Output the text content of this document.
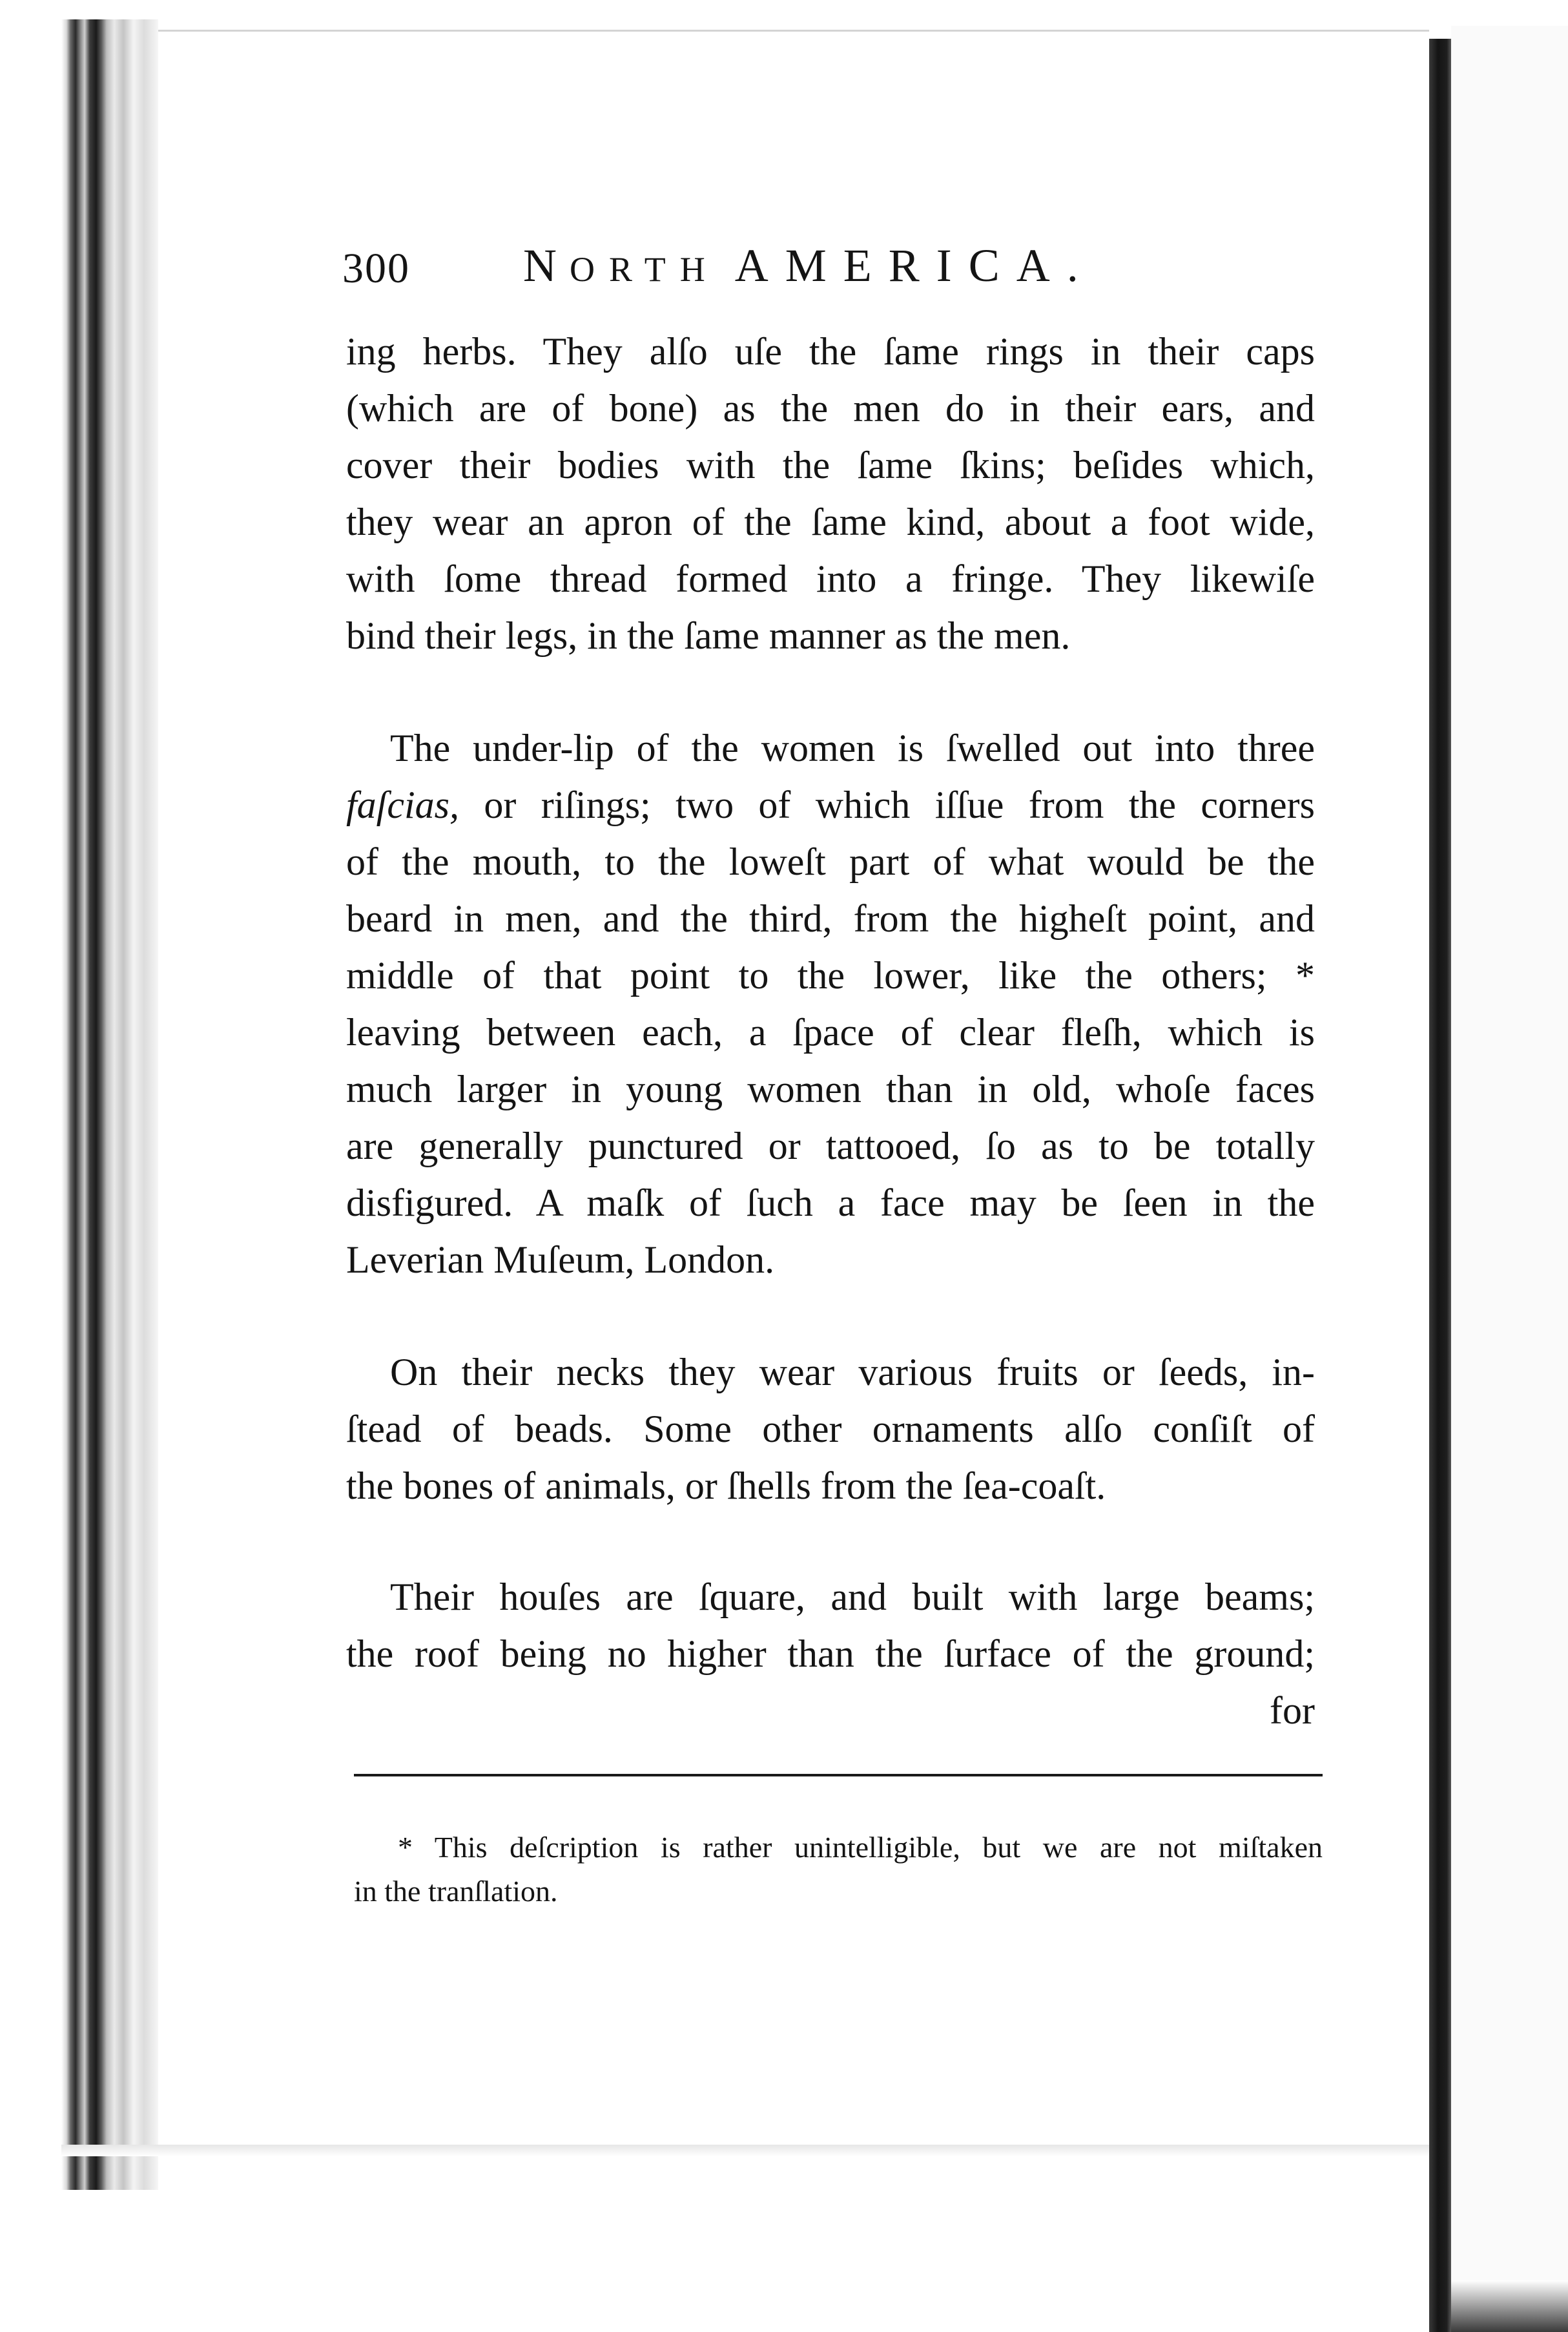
300 NORTH AMERICA.
ing herbs. They alſo uſe the ſame rings in their caps
(which are of bone) as the men do in their ears, and
cover their bodies with the ſame ſkins; beſides which,
they wear an apron of the ſame kind, about a foot wide,
with ſome thread formed into a fringe. They likewiſe
bind their legs, in the ſame manner as the men.
The under-lip of the women is ſwelled out into three
faſcias, or riſings; two of which iſſue from the corners
of the mouth, to the loweſt part of what would be the
beard in men, and the third, from the higheſt point, and
middle of that point to the lower, like the others; *
leaving between each, a ſpace of clear fleſh, which is
much larger in young women than in old, whoſe faces
are generally punctured or tattooed, ſo as to be totally
disfigured. A maſk of ſuch a face may be ſeen in the
Leverian Muſeum, London.
On their necks they wear various fruits or ſeeds, in-
ſtead of beads. Some other ornaments alſo conſiſt of
the bones of animals, or ſhells from the ſea-coaſt.
Their houſes are ſquare, and built with large beams;
the roof being no higher than the ſurface of the ground;
for
* This deſcription is rather unintelligible, but we are not miſtaken
in the tranſlation.
